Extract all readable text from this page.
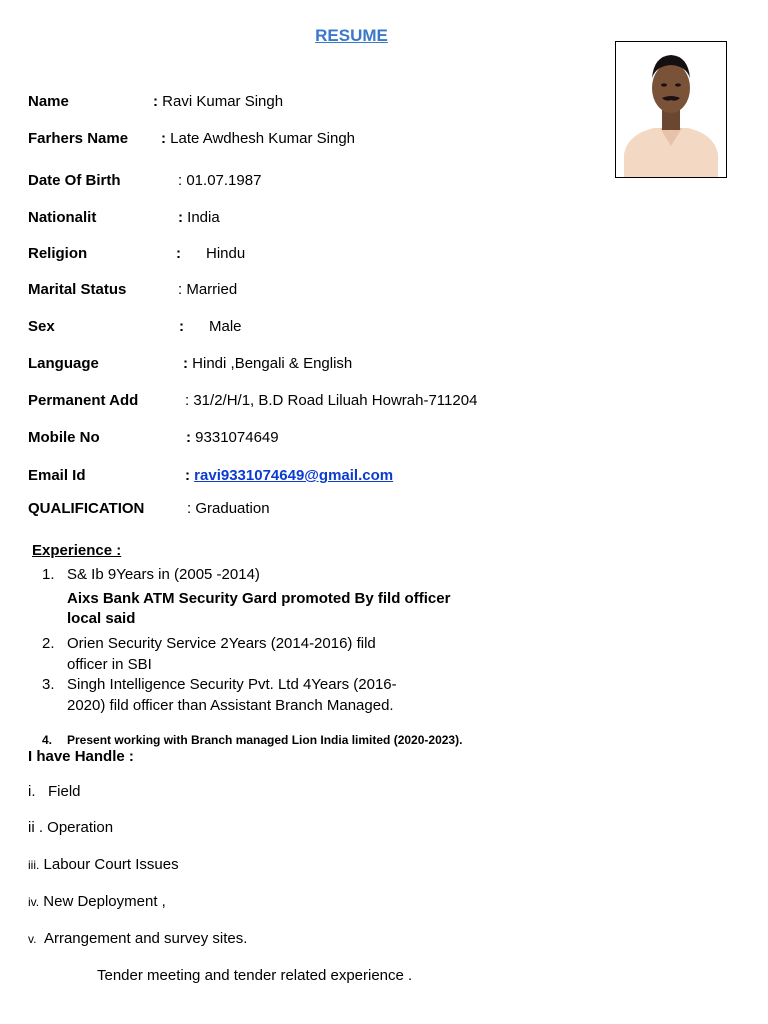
RESUME
Name	: Ravi Kumar Singh
Farhers Name : Late Awdhesh Kumar Singh
Date Of Birth	: 01.07.1987
Nationalit	: India
Religion	:      Hindu
Marital Status	: Married
Sex	:      Male
Language	: Hindi ,Bengali & English
Permanent Add	: 31/2/H/1, B.D Road Liluah Howrah-711204
Mobile No	: 9331074649
Email Id	: ravi9331074649@gmail.com
QUALIFICATION	: Graduation
Experience :
1. S& Ib 9Years in (2005 -2014)
Aixs Bank ATM Security Gard promoted By fild officer
local said
2. Orien Security Service 2Years (2014-2016) fild
officer in SBI
3. Singh Intelligence Security Pvt. Ltd 4Years (2016-
2020) fild officer than Assistant Branch Managed.
4. Present working with Branch managed Lion India limited (2020-2023).
I have Handle :
i. Field
ii . Operation
iii. Labour Court Issues
iv. New Deployment ,
v. Arrangement and survey sites.
Tender meeting and tender related experience .
